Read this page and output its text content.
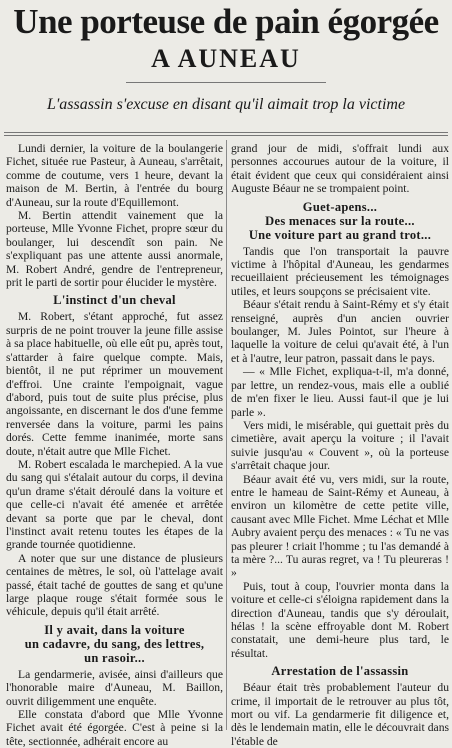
Une porteuse de pain égorgée
A AUNEAU
L'assassin s'excuse en disant qu'il aimait trop la victime

Lundi dernier, la voiture de la boulangerie Fichet, située rue Pasteur, à Auneau, s'arrêtait, comme de coutume, vers 1 heure, devant la maison de M. Bertin, à l'entrée du bourg d'Auneau, sur la route d'Equillemont.

M. Bertin attendit vainement que la porteuse, Mlle Yvonne Fichet, propre sœur du boulanger, lui descendît son pain. Ne s'expliquant pas une attente aussi anormale, M. Robert André, gendre de l'entrepreneur, prit le parti de sortir pour élucider le mystère.

L'instinct d'un cheval

M. Robert, s'étant approché, fut assez surpris de ne point trouver la jeune fille assise à sa place habituelle, où elle eût pu, après tout, s'attarder à faire quelque compte. Mais, bientôt, il ne put réprimer un mouvement d'effroi. Une crainte l'empoignait, vague d'abord, puis tout de suite plus précise, plus angoissante, en discernant le dos d'une femme renversée dans la voiture, parmi les pains dorés. Cette femme inanimée, morte sans doute, n'était autre que Mlle Fichet.

M. Robert escalada le marchepied. A la vue du sang qui s'étalait autour du corps, il devina qu'un drame s'était déroulé dans la voiture et que celle-ci n'avait été amenée et arrêtée devant sa porte que par le cheval, dont l'instinct avait retenu toutes les étapes de la grande tournée quotidienne.

A noter que sur une distance de plusieurs centaines de mètres, le sol, où l'attelage avait passé, était taché de gouttes de sang et qu'une large plaque rouge s'était formée sous le véhicule, depuis qu'il était arrêté.

Il y avait, dans la voiture
un cadavre, du sang, des lettres,
un rasoir...

La gendarmerie, avisée, ainsi d'ailleurs que l'honorable maire d'Auneau, M. Baillon, ouvrit diligemment une enquête.

Elle constata d'abord que Mlle Yvonne Fichet avait été égorgée. C'est à peine si la tête, sectionnée, adhérait encore au

grand jour de midi, s'offrait lundi aux personnes accourues autour de la voiture, il était évident que ceux qui considéraient ainsi Auguste Béaur ne se trompaient point.

Guet-apens...
Des menaces sur la route...
Une voiture part au grand trot...

Tandis que l'on transportait la pauvre victime à l'hôpital d'Auneau, les gendarmes recueillaient précieusement les témoignages utiles, et leurs soupçons se précisaient vite.

Béaur s'était rendu à Saint-Rémy et s'y était renseigné, auprès d'un ancien ouvrier boulanger, M. Jules Pointot, sur l'heure à laquelle la voiture de celui qu'avait été, à l'un et à l'autre, leur patron, passait dans le pays.

— « Mlle Fichet, expliqua-t-il, m'a donné, par lettre, un rendez-vous, mais elle a oublié de m'en fixer le lieu. Aussi faut-il que je lui parle ».

Vers midi, le misérable, qui guettait près du cimetière, avait aperçu la voiture ; il l'avait suivie jusqu'au « Couvent », où la porteuse s'arrêtait chaque jour.

Béaur avait été vu, vers midi, sur la route, entre le hameau de Saint-Rémy et Auneau, à environ un kilomètre de cette petite ville, causant avec Mlle Fichet. Mme Léchat et Mlle Aubry avaient perçu des menaces : « Tu ne vas pas pleurer ! criait l'homme ; tu l'as demandé à ta mère ?... Tu auras regret, va ! Tu pleureras ! »

Puis, tout à coup, l'ouvrier monta dans la voiture et celle-ci s'éloigna rapidement dans la direction d'Auneau, tandis que s'y déroulait, hélas ! la scène effroyable dont M. Robert constatait, une demi-heure plus tard, le résultat.

Arrestation de l'assassin

Béaur était très probablement l'auteur du crime, il importait de le retrouver au plus tôt, mort ou vif. La gendarmerie fit diligence et, dès le lendemain matin, elle le découvrait dans l'étable de
